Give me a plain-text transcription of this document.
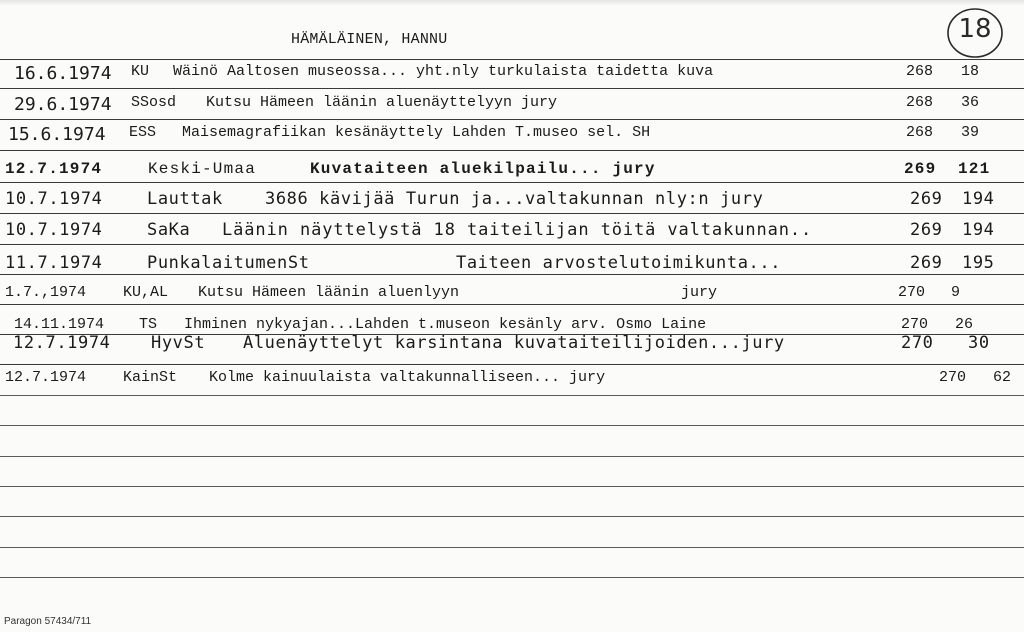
HÄMÄLÄINEN, HANNU	18
16.6.1974 KU Wäinö Aaltosen museossa... yht.nly turkulaista taidetta kuva	268 18
29.6.1974 SSosd Kutsu Hämeen läänin aluenäyttelyyn jury	268 36
15.6.1974 ESS Maisemagrafiikan kesänäyttely Lahden T.museo sel. SH	268 39
12.7.1974	Keski-Umaa	Kuvataiteen aluekilpailu... jury	269 121
10.7.1974	Lauttak 3686 kävijää Turun ja...valtakunnan nly:n jury	269 194
10.7.1974	SaKa Läänin näyttelystä 18 taiteilijan töitä valtakunnan..	269 194
11.7.1974	PunkalaitumenSt	Taiteen arvostelutoimikunta...	269 195
1.7.,1974 KU,AL Kutsu Hämeen läänin aluenlyyn	jury	270 9
14.11.1974 TS Ihminen nykyajan...Lahden t.museon kesänly arv. Osmo Laine	270 26
12.7.1974 HyvSt Aluenäyttelyt karsintana kuvataiteilijoiden...jury	270 30
12.7.1974 KainSt Kolme kainuulaista valtakunnalliseen... jury	270 62
Paragon 57434/711
